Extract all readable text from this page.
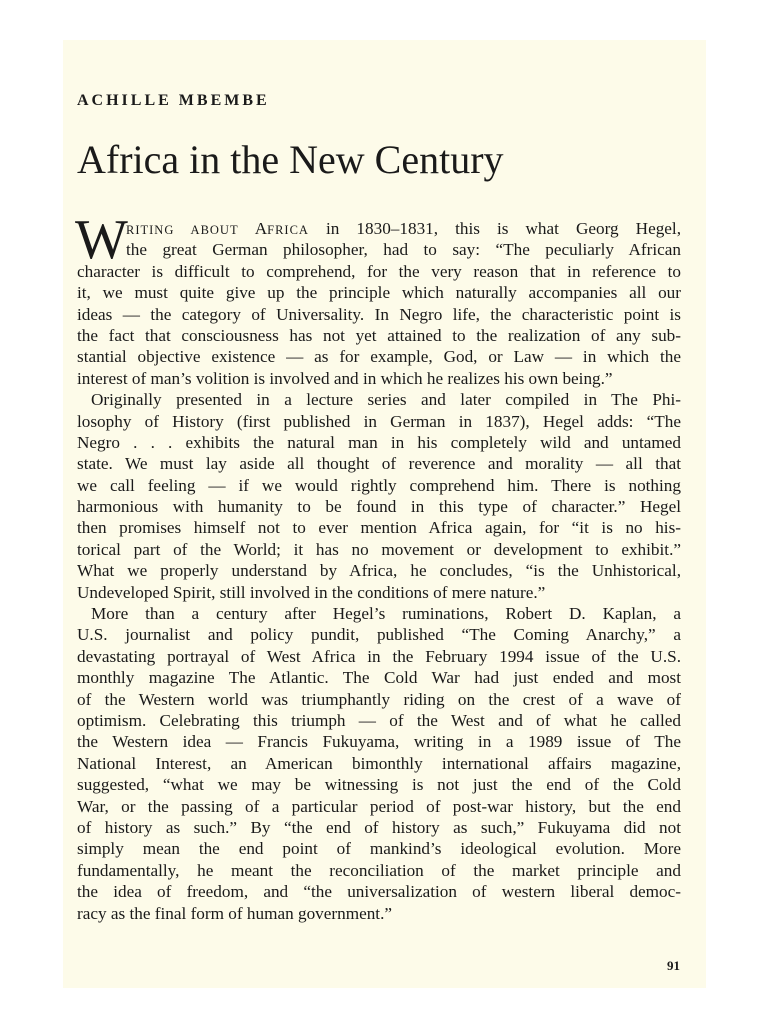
ACHILLE MBEMBE
Africa in the New Century
W
RITING ABOUT AFRICA in 1830–1831, this is what Georg Hegel,
the great German philosopher, had to say: “The peculiarly African
character is difficult to comprehend, for the very reason that in reference to
it, we must quite give up the principle which naturally accompanies all our
ideas — the category of Universality. In Negro life, the characteristic point is
the fact that consciousness has not yet attained to the realization of any sub-
stantial objective existence — as for example, God, or Law — in which the
interest of man’s volition is involved and in which he realizes his own being.”
Originally presented in a lecture series and later compiled in The Phi-
losophy of History (first published in German in 1837), Hegel adds: “The
Negro . . . exhibits the natural man in his completely wild and untamed
state. We must lay aside all thought of reverence and morality — all that
we call feeling — if we would rightly comprehend him. There is nothing
harmonious with humanity to be found in this type of character.” Hegel
then promises himself not to ever mention Africa again, for “it is no his-
torical part of the World; it has no movement or development to exhibit.”
What we properly understand by Africa, he concludes, “is the Unhistorical,
Undeveloped Spirit, still involved in the conditions of mere nature.”
More than a century after Hegel’s ruminations, Robert D. Kaplan, a
U.S. journalist and policy pundit, published “The Coming Anarchy,” a
devastating portrayal of West Africa in the February 1994 issue of the U.S.
monthly magazine The Atlantic. The Cold War had just ended and most
of the Western world was triumphantly riding on the crest of a wave of
optimism. Celebrating this triumph — of the West and of what he called
the Western idea — Francis Fukuyama, writing in a 1989 issue of The
National Interest, an American bimonthly international affairs magazine,
suggested, “what we may be witnessing is not just the end of the Cold
War, or the passing of a particular period of post-war history, but the end
of history as such.” By “the end of history as such,” Fukuyama did not
simply mean the end point of mankind’s ideological evolution. More
fundamentally, he meant the reconciliation of the market principle and
the idea of freedom, and “the universalization of western liberal democ-
racy as the final form of human government.”
91
